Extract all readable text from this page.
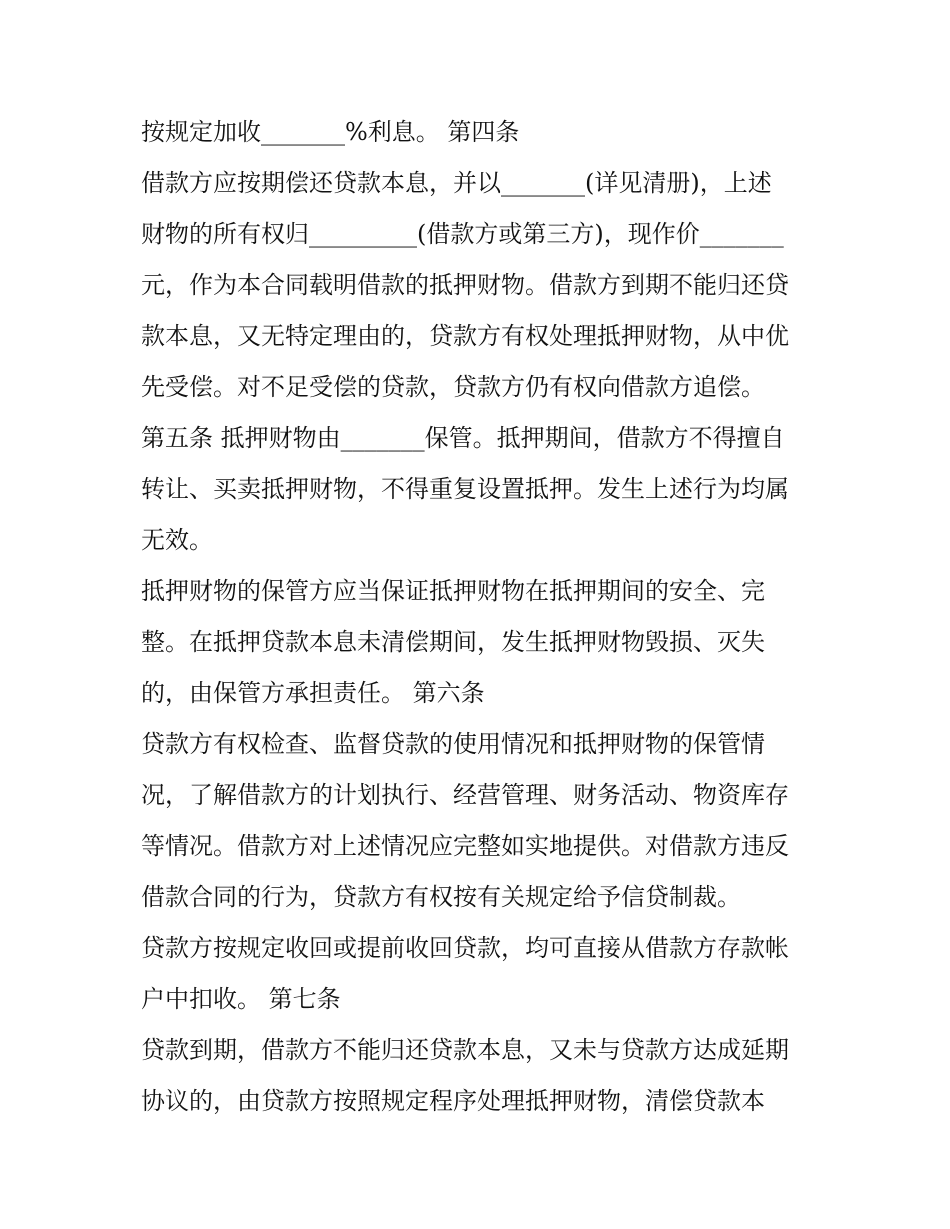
按规定加收_______%利息。 第四条
借款方应按期偿还贷款本息，并以_______(详见清册)，上述
财物的所有权归_________(借款方或第三方)，现作价_______
元，作为本合同载明借款的抵押财物。借款方到期不能归还贷
款本息，又无特定理由的，贷款方有权处理抵押财物，从中优
先受偿。对不足受偿的贷款，贷款方仍有权向借款方追偿。
第五条 抵押财物由_______保管。抵押期间，借款方不得擅自
转让、买卖抵押财物，不得重复设置抵押。发生上述行为均属
无效。
抵押财物的保管方应当保证抵押财物在抵押期间的安全、完
整。在抵押贷款本息未清偿期间，发生抵押财物毁损、灭失
的，由保管方承担责任。 第六条
贷款方有权检查、监督贷款的使用情况和抵押财物的保管情
况，了解借款方的计划执行、经营管理、财务活动、物资库存
等情况。借款方对上述情况应完整如实地提供。对借款方违反
借款合同的行为，贷款方有权按有关规定给予信贷制裁。
贷款方按规定收回或提前收回贷款，均可直接从借款方存款帐
户中扣收。 第七条
贷款到期，借款方不能归还贷款本息，又未与贷款方达成延期
协议的，由贷款方按照规定程序处理抵押财物，清偿贷款本
